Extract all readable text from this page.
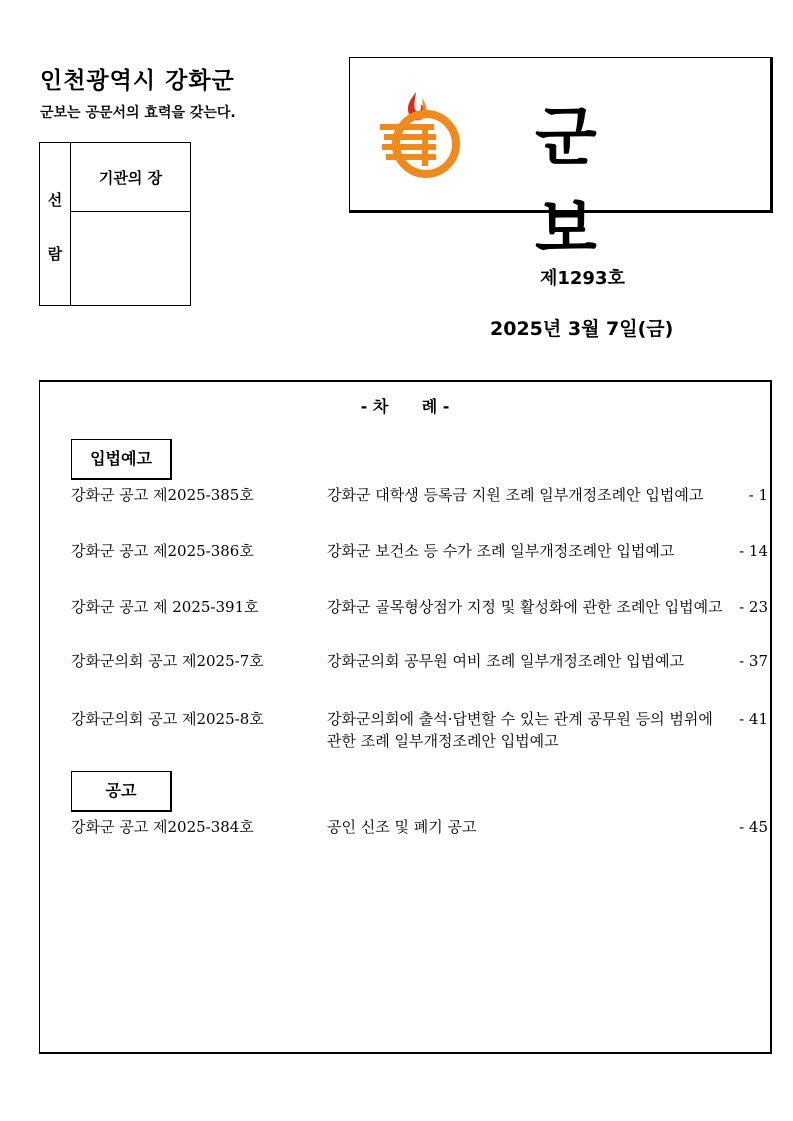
인천광역시 강화군
군보는 공문서의 효력을 갖는다.
선
람
기관의 장
군보
제1293호
2025년 3월 7일(금)
- 차      례 -
입법예고
강화군 공고 제2025-385호	강화군 대학생 등록금 지원 조례 일부개정조례안 입법예고	- 1
강화군 공고 제2025-386호	강화군 보건소 등 수가 조례 일부개정조례안 입법예고	- 14
강화군 공고 제 2025-391호	강화군 골목형상점가 지정 및 활성화에 관한 조례안 입법예고 - 23
강화군의회 공고 제2025-7호	강화군의회 공무원 여비 조례 일부개정조례안 입법예고	- 37
강화군의회 공고 제2025-8호	강화군의회에 출석·답변할 수 있는 관계 공무원 등의 범위에 관한 조례 일부개정조례안 입법예고
- 41
공고
강화군 공고 제2025-384호	공인 신조 및 폐기 공고	- 45
